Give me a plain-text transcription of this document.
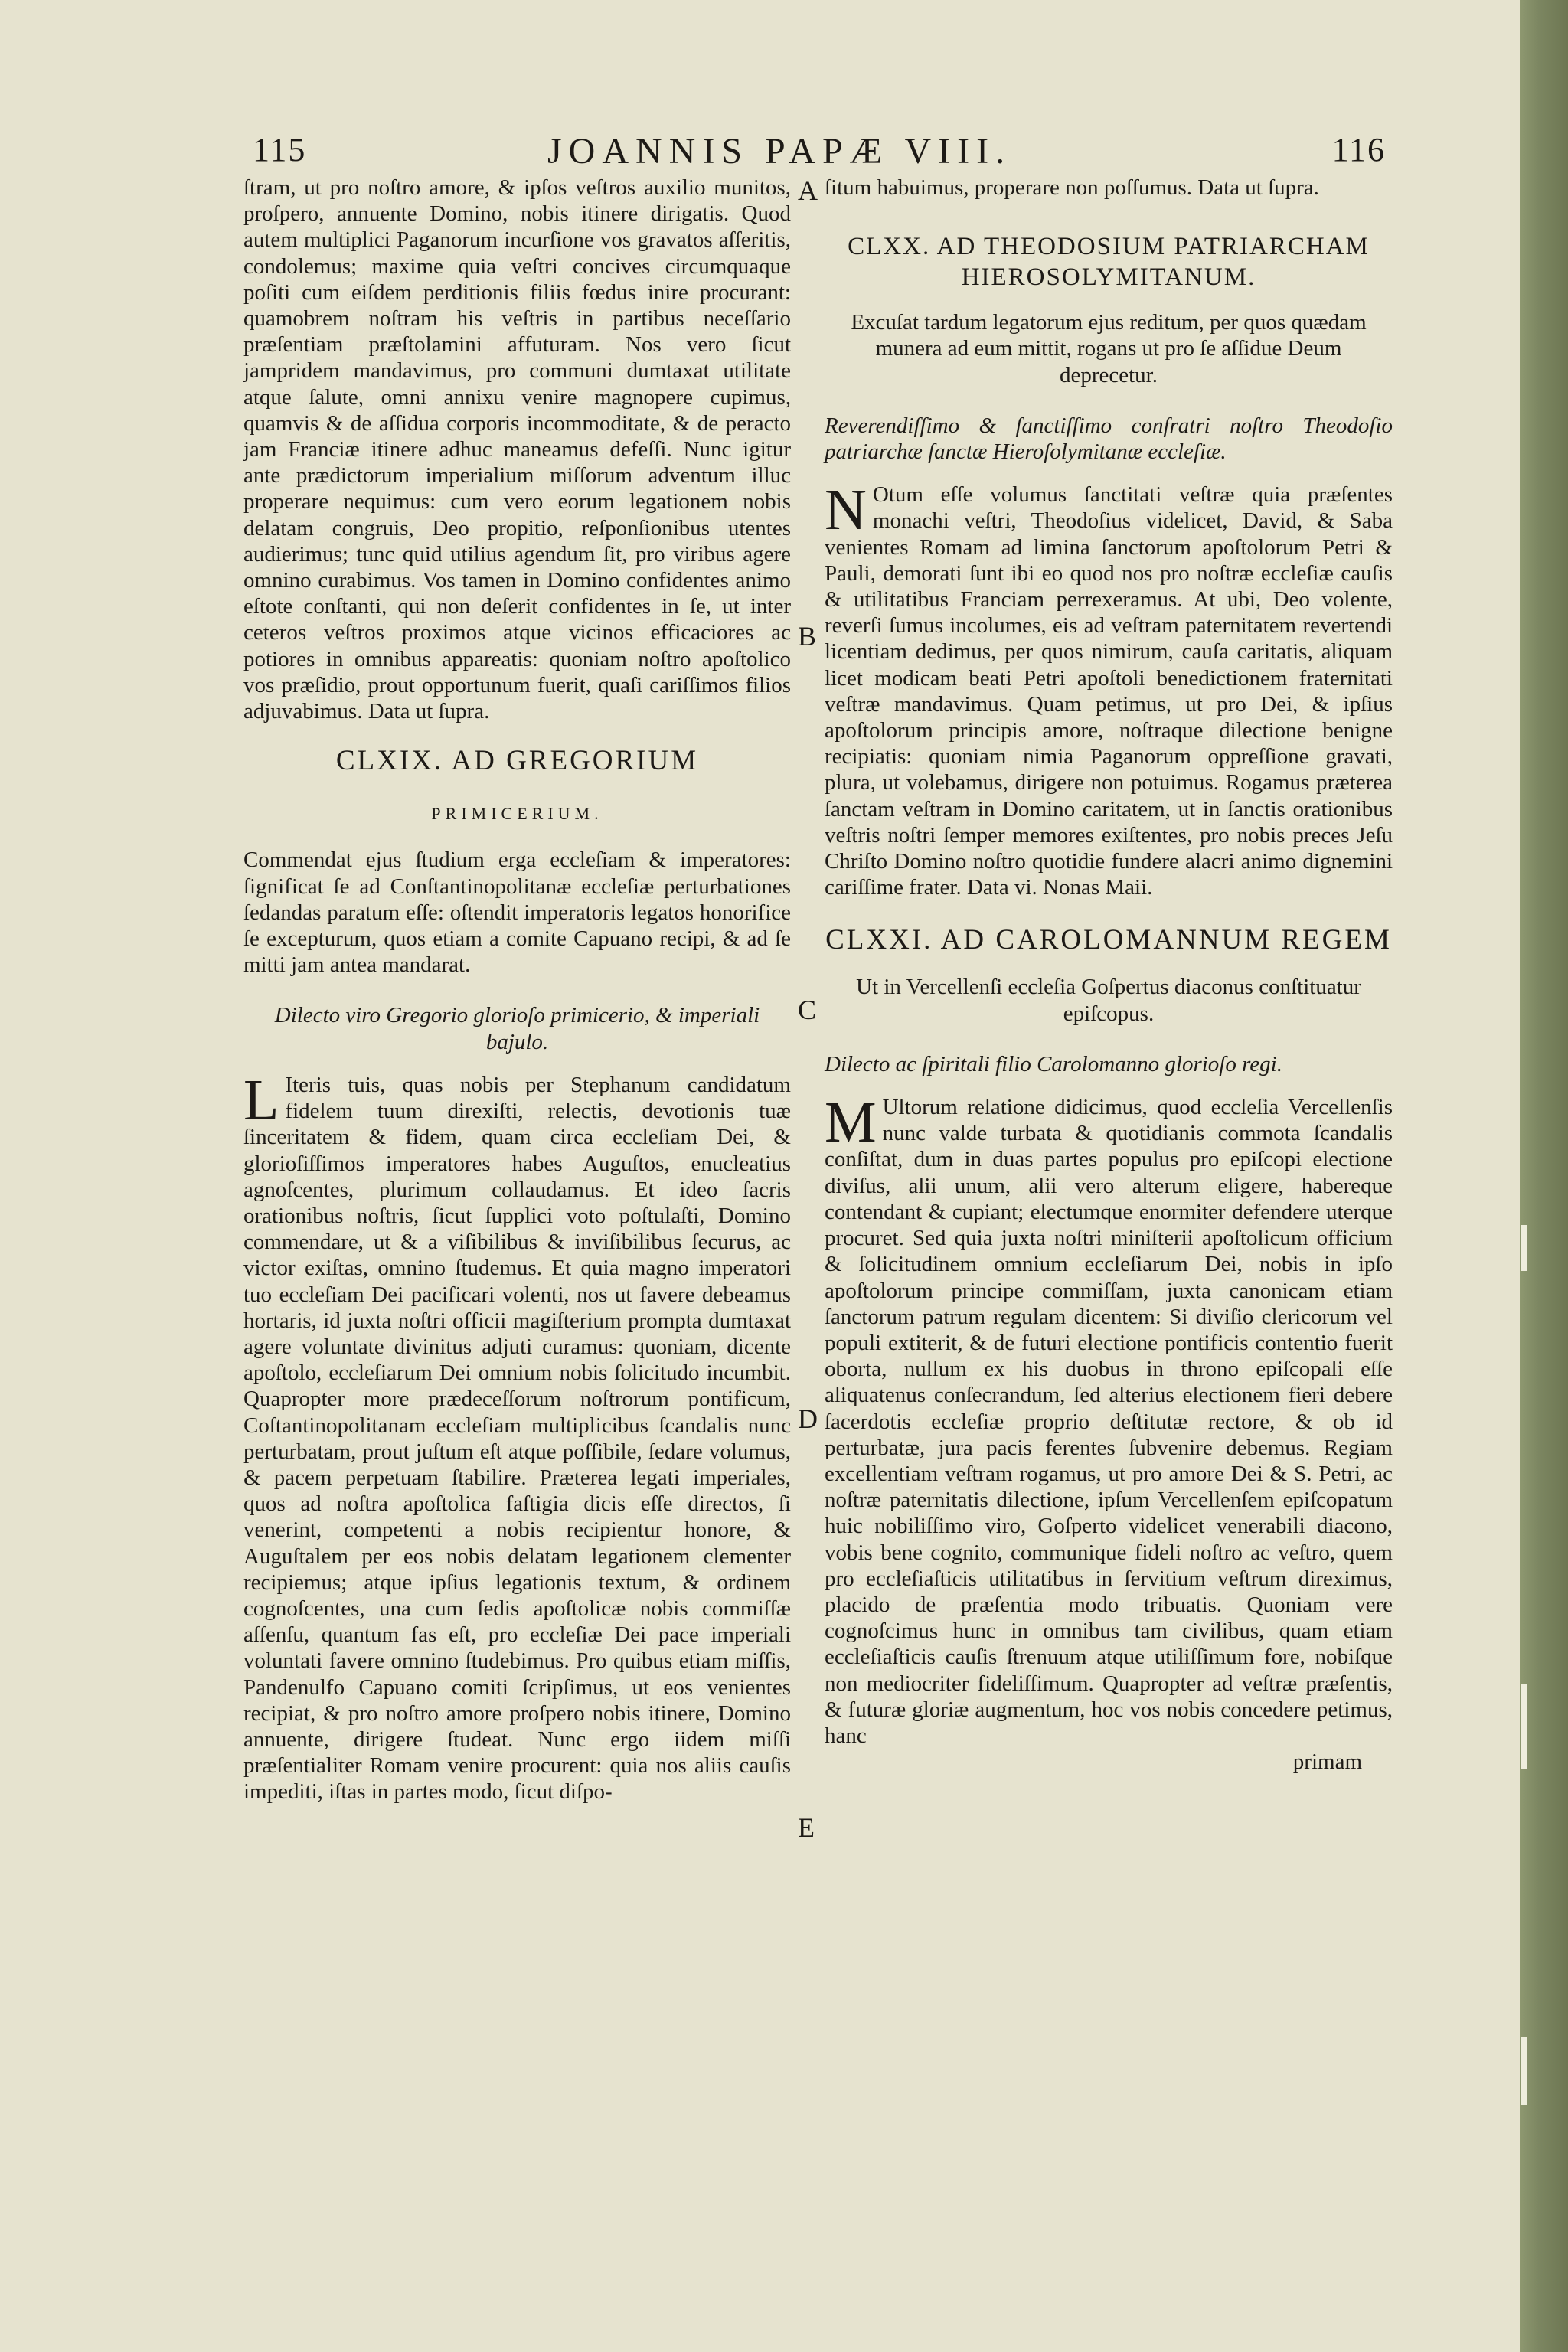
115	JOANNIS PAPÆ VIII.	116
A
B
C
D
E

ſtram, ut pro noſtro amore, & ipſos veſtros auxilio munitos, proſpero, annuente Domino, nobis itinere dirigatis. Quod autem multiplici Paganorum incurſione vos gravatos aſſeritis, condolemus; maxime quia veſtri concives circumquaque poſiti cum eiſdem perditionis filiis fœdus inire procurant: quamobrem noſtram his veſtris in partibus neceſſario præſentiam præſtolamini affuturam. Nos vero ſicut jampridem mandavimus, pro communi dumtaxat utilitate atque ſalute, omni annixu venire magnopere cupimus, quamvis & de aſſidua corporis incommoditate, & de peracto jam Franciæ itinere adhuc maneamus defeſſi. Nunc igitur ante prædictorum imperialium miſſorum adventum illuc properare nequimus: cum vero eorum legationem nobis delatam congruis, Deo propitio, reſponſionibus utentes audierimus; tunc quid utilius agendum ſit, pro viribus agere omnino curabimus. Vos tamen in Domino confidentes animo eſtote conſtanti, qui non deſerit confidentes in ſe, ut inter ceteros veſtros proximos atque vicinos efficaciores ac potiores in omnibus appareatis: quoniam noſtro apoſtolico vos præſidio, prout opportunum fuerit, quaſi cariſſimos filios adjuvabimus. Data ut ſupra.

CLXIX. AD GREGORIUM
PRIMICERIUM.

Commendat ejus ſtudium erga eccleſiam & imperatores: ſignificat ſe ad Conſtantinopolitanæ eccleſiæ perturbationes ſedandas paratum eſſe: oſtendit imperatoris legatos honorifice ſe excepturum, quos etiam a comite Capuano recipi, & ad ſe mitti jam antea mandarat.

Dilecto viro Gregorio glorioſo primicerio, & imperiali bajulo.

L Iteris tuis, quas nobis per Stephanum candidatum fidelem tuum direxiſti, relectis, devotionis tuæ ſinceritatem & fidem, quam circa eccleſiam Dei, & glorioſiſſimos imperatores habes Auguſtos, enucleatius agnoſcentes, plurimum collaudamus. Et ideo ſacris orationibus noſtris, ſicut ſupplici voto poſtulaſti, Domino commendare, ut & a viſibilibus & inviſibilibus ſecurus, ac victor exiſtas, omnino ſtudemus. Et quia magno imperatori tuo eccleſiam Dei pacificari volenti, nos ut favere debeamus hortaris, id juxta noſtri officii magiſterium prompta dumtaxat agere voluntate divinitus adjuti curamus: quoniam, dicente apoſtolo, eccleſiarum Dei omnium nobis ſolicitudo incumbit. Quapropter more prædeceſſorum noſtrorum pontificum, Coſtantinopolitanam eccleſiam multiplicibus ſcandalis nunc perturbatam, prout juſtum eſt atque poſſibile, ſedare volumus, & pacem perpetuam ſtabilire. Præterea legati imperiales, quos ad noſtra apoſtolica faſtigia dicis eſſe directos, ſi venerint, competenti a nobis recipientur honore, & Auguſtalem per eos nobis delatam legationem clementer recipiemus; atque ipſius legationis textum, & ordinem cognoſcentes, una cum ſedis apoſtolicæ nobis commiſſæ aſſenſu, quantum fas eſt, pro eccleſiæ Dei pace imperiali voluntati favere omnino ſtudebimus. Pro quibus etiam miſſis, Pandenulfo Capuano comiti ſcripſimus, ut eos venientes recipiat, & pro noſtro amore proſpero nobis itinere, Domino annuente, dirigere ſtudeat. Nunc ergo iidem miſſi præſentialiter Romam venire procurent: quia nos aliis cauſis impediti, iſtas in partes modo, ſicut diſpo-

ſitum habuimus, properare non poſſumus. Data ut ſupra.

CLXX. AD THEODOSIUM PATRIARCHAM HIEROSOLYMITANUM.

Excuſat tardum legatorum ejus reditum, per quos quædam munera ad eum mittit, rogans ut pro ſe aſſidue Deum deprecetur.

Reverendiſſimo & ſanctiſſimo confratri noſtro Theodoſio patriarchæ ſanctæ Hieroſolymitanæ eccleſiæ.

N Otum eſſe volumus ſanctitati veſtræ quia præſentes monachi veſtri, Theodoſius videlicet, David, & Saba venientes Romam ad limina ſanctorum apoſtolorum Petri & Pauli, demorati ſunt ibi eo quod nos pro noſtræ eccleſiæ cauſis & utilitatibus Franciam perrexeramus. At ubi, Deo volente, reverſi ſumus incolumes, eis ad veſtram paternitatem revertendi licentiam dedimus, per quos nimirum, cauſa caritatis, aliquam licet modicam beati Petri apoſtoli benedictionem fraternitati veſtræ mandavimus. Quam petimus, ut pro Dei, & ipſius apoſtolorum principis amore, noſtraque dilectione benigne recipiatis: quoniam nimia Paganorum oppreſſione gravati, plura, ut volebamus, dirigere non potuimus. Rogamus præterea ſanctam veſtram in Domino caritatem, ut in ſanctis orationibus veſtris noſtri ſemper memores exiſtentes, pro nobis preces Jeſu Chriſto Domino noſtro quotidie fundere alacri animo dignemini cariſſime frater. Data vi. Nonas Maii.

CLXXI. AD CAROLOMANNUM REGEM

Ut in Vercellenſi eccleſia Goſpertus diaconus conſtituatur epiſcopus.

Dilecto ac ſpiritali filio Carolomanno glorioſo regi.

M Ultorum relatione didicimus, quod eccleſia Vercellenſis nunc valde turbata & quotidianis commota ſcandalis conſiſtat, dum in duas partes populus pro epiſcopi electione diviſus, alii unum, alii vero alterum eligere, habereque contendant & cupiant; electumque enormiter defendere uterque procuret. Sed quia juxta noſtri miniſterii apoſtolicum officium & ſolicitudinem omnium eccleſiarum Dei, nobis in ipſo apoſtolorum principe commiſſam, juxta canonicam etiam ſanctorum patrum regulam dicentem: Si diviſio clericorum vel populi extiterit, & de futuri electione pontificis contentio fuerit oborta, nullum ex his duobus in throno epiſcopali eſſe aliquatenus conſecrandum, ſed alterius electionem fieri debere ſacerdotis eccleſiæ proprio deſtitutæ rectore, & ob id perturbatæ, jura pacis ferentes ſubvenire debemus. Regiam excellentiam veſtram rogamus, ut pro amore Dei & S. Petri, ac noſtræ paternitatis dilectione, ipſum Vercellenſem epiſcopatum huic nobiliſſimo viro, Goſperto videlicet venerabili diacono, vobis bene cognito, communique fideli noſtro ac veſtro, quem pro eccleſiaſticis utilitatibus in ſervitium veſtrum direximus, placido de præſentia modo tribuatis. Quoniam vere cognoſcimus hunc in omnibus tam civilibus, quam etiam eccleſiaſticis cauſis ſtrenuum atque utiliſſimum fore, nobiſque non mediocriter fideliſſimum. Quapropter ad veſtræ præſentis, & futuræ gloriæ augmentum, hoc vos nobis concedere petimus, hanc

primam
